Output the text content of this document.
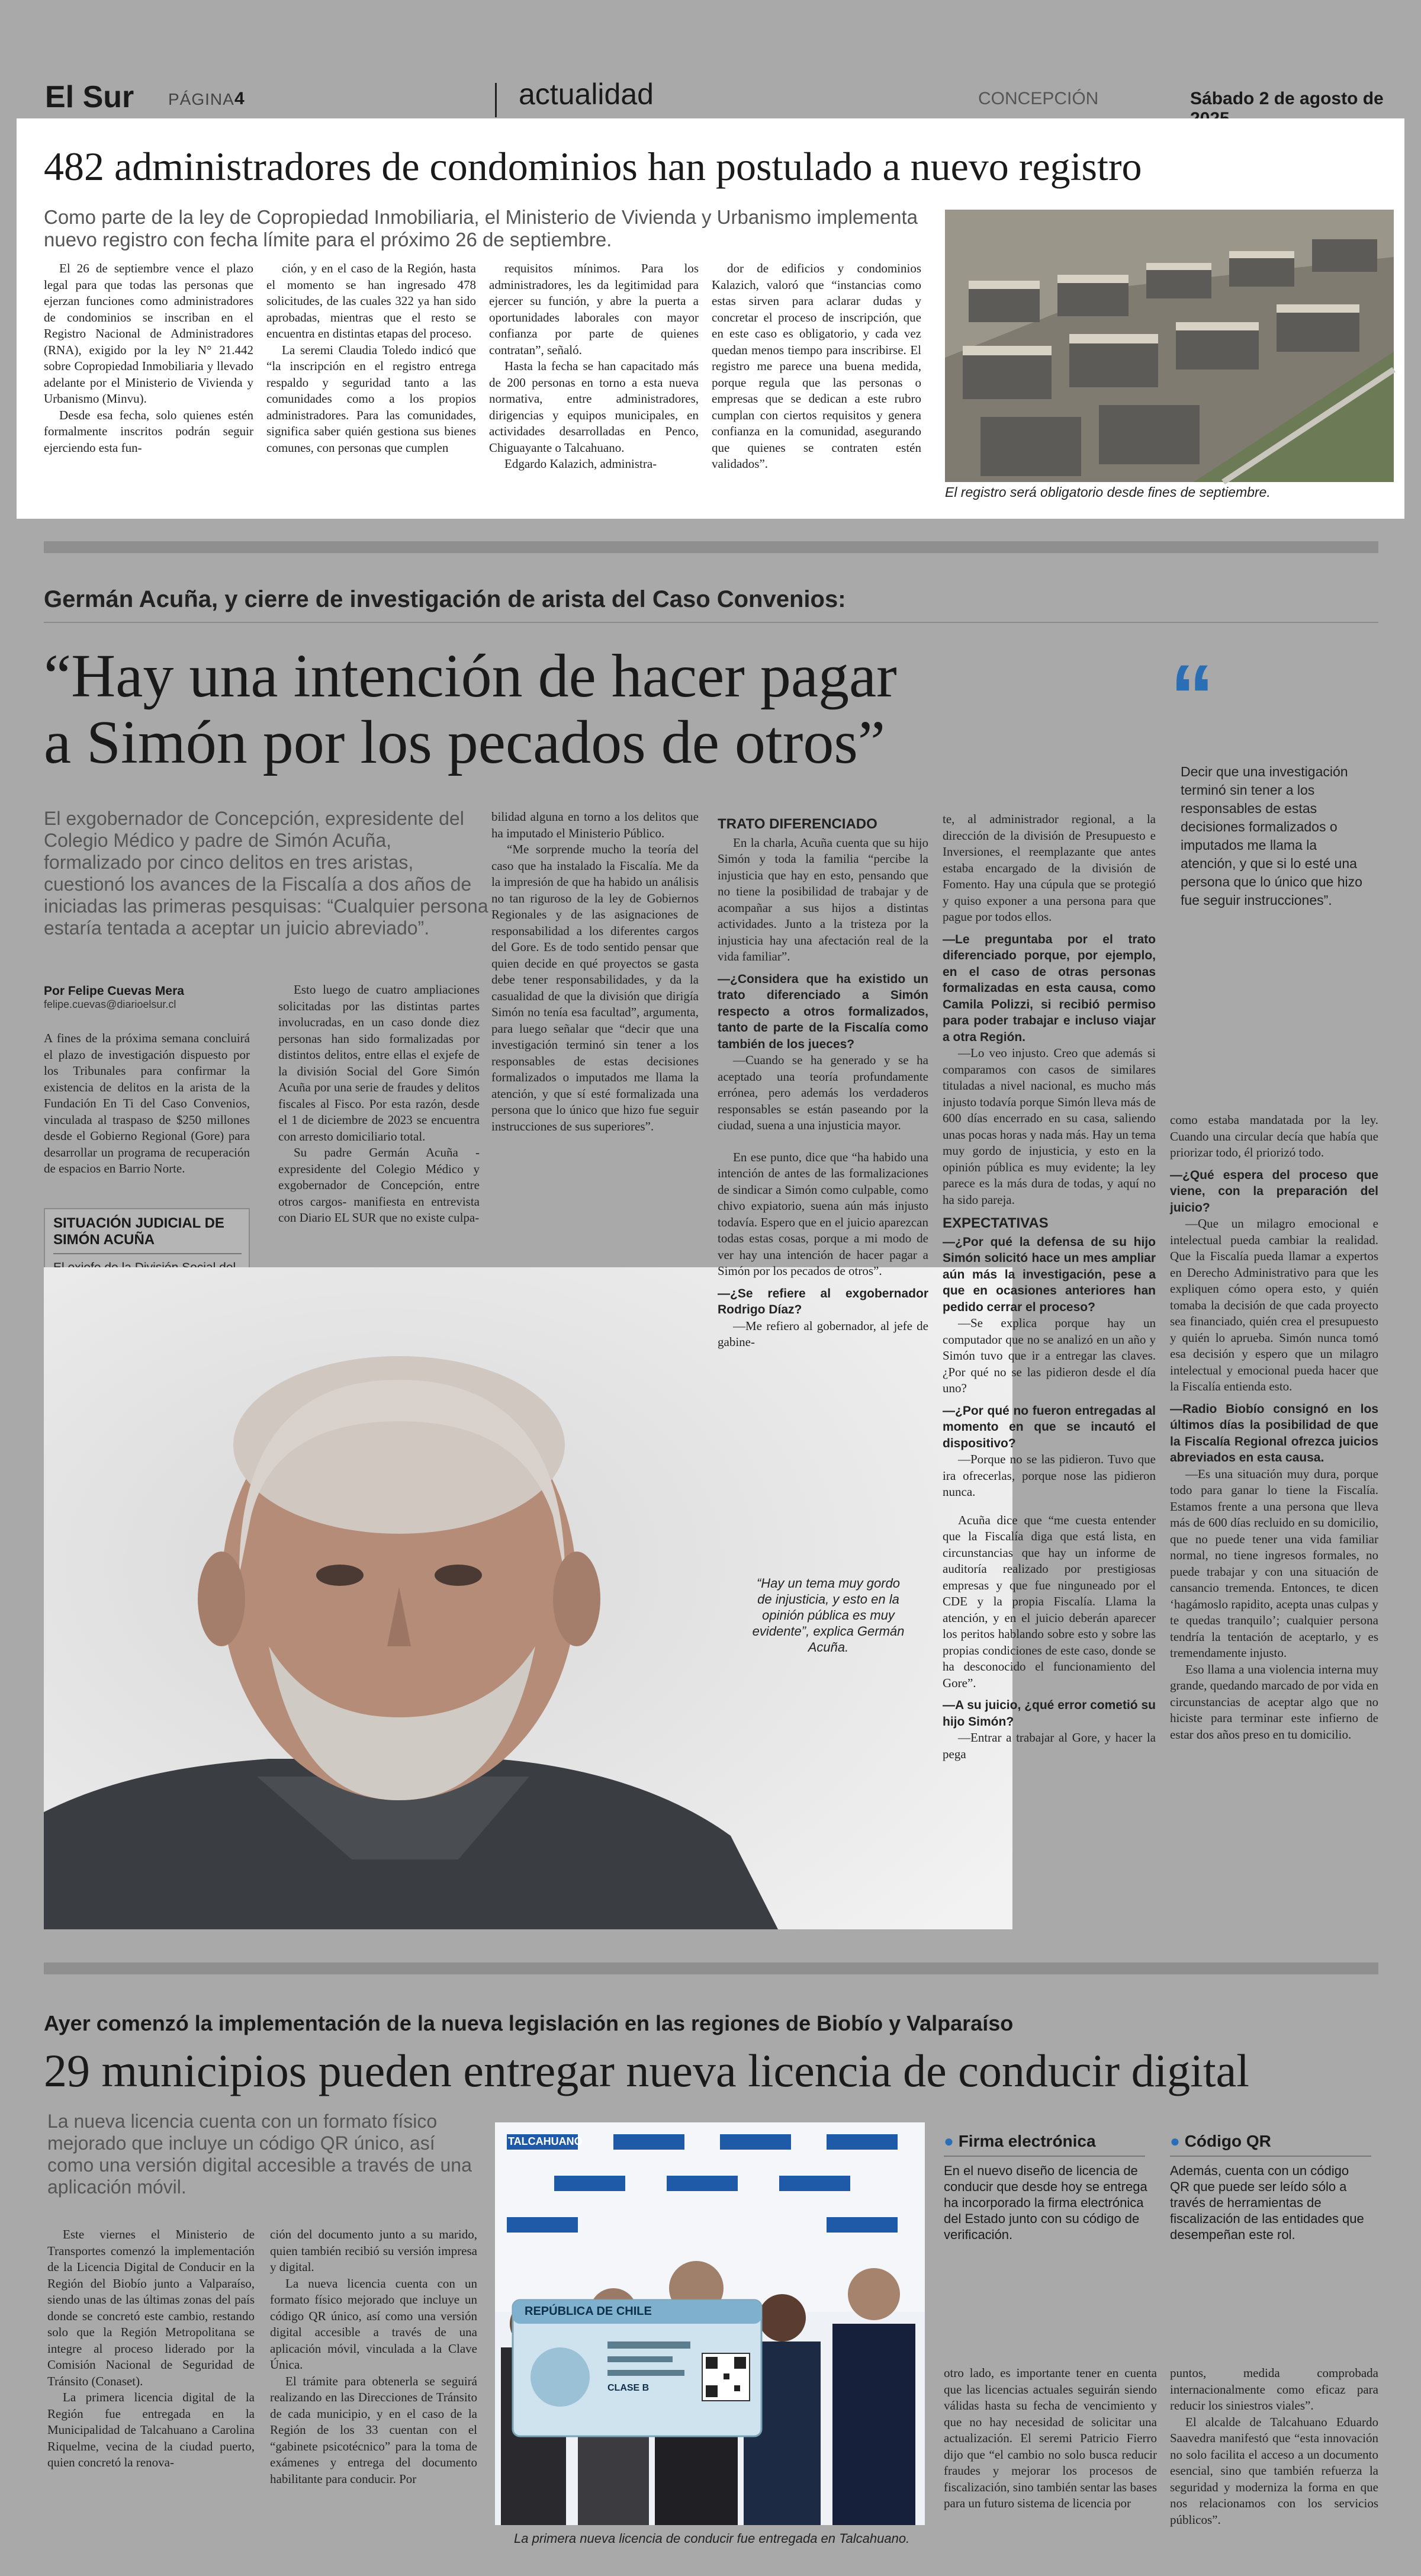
El Sur PÁGINA 4	actualidad	CONCEPCIÓN	Sábado 2 de agosto de
482 administradores de condominios han postulado a nuevo registro
Como parte de la ley de Copropiedad Inmobiliaria, el Ministerio de Vivienda y Urbanismo implementa nuevo registro con fecha límite para el próximo 26 de septiembre.

El 26 de septiembre vence el plazo legal para que todas las personas que ejerzan funciones como administradores de condominios se inscriban en el Registro Nacional de Administradores (RNA), exigido por la ley N° 21.442 sobre Copropiedad Inmobiliaria y llevado adelante por el Ministerio de Vivienda y Urbanismo (Minvu).

Desde esa fecha, solo quienes estén formalmente inscritos podrán seguir ejerciendo esta fun-

ción, y en el caso de la Región, hasta el momento se han ingresado 478 solicitudes, de las cuales 322 ya han sido aprobadas, mientras que el resto se encuentra en distintas etapas del proceso.

La seremi Claudia Toledo indicó que “la inscripción en el registro entrega respaldo y seguridad tanto a las comunidades como a los propios administradores. Para las comunidades, significa saber quién gestiona sus bienes comunes, con personas que cumplen

requisitos mínimos. Para los administradores, les da legitimidad para ejercer su función, y abre la puerta a oportunidades laborales con mayor confianza por parte de quienes contratan”, señaló.

Hasta la fecha se han capacitado más de 200 personas en torno a esta nueva normativa, entre administradores, dirigencias y equipos municipales, en actividades desarrolladas en Penco, Chiguayante o Talcahuano.

Edgardo Kalazich, administra-

dor de edificios y condominios Kalazich, valoró que “instancias como estas sirven para aclarar dudas y concretar el proceso de inscripción, que en este caso es obligatorio, y cada vez quedan menos tiempo para inscribirse. El registro me parece una buena medida, porque regula que las personas o empresas que se dedican a este rubro cumplan con ciertos requisitos y genera confianza en la comunidad, asegurando que quienes se contraten estén validados”.

El registro será obligatorio desde fines de septiembre.
Germán Acuña, y cierre de investigación de arista del Caso Convenios:
“Hay una intención de hacer pagar
a Simón por los pecados de otros”	“
Decir que una investigación terminó sin tener a los responsables de estas decisiones formalizados o imputados me llama la atención, y que si lo esté una persona que lo único que hizo fue seguir instrucciones”.
El exgobernador de Concepción, expresidente del Colegio Médico y padre de Simón Acuña, formalizado por cinco delitos en tres aristas, cuestionó los avances de la Fiscalía a dos años de iniciadas las primeras pesquisas: “Cualquier persona estaría tentada a aceptar un juicio abreviado”.
Por Felipe Cuevas Mera
felipe.cuevas@diarioelsur.cl

A fines de la próxima semana concluirá el plazo de investigación dispuesto por los Tribunales para confirmar la existencia de delitos en la arista de la Fundación En Ti del Caso Convenios, vinculada al traspaso de $250 millones desde el Gobierno Regional (Gore) para desarrollar un programa de recuperación de espacios en Barrio Norte.

SITUACIÓN JUDICIAL DE SIMÓN ACUÑA

Esto luego de cuatro ampliaciones solicitadas por las distintas partes involucradas, en un caso donde diez personas han sido formalizadas por distintos delitos, entre ellas el exjefe de la división Social del Gore Simón Acuña por una serie de fraudes y delitos fiscales al Fisco. Por esta razón, desde el 1 de diciembre de 2023 se encuentra con arresto domiciliario total.

Su padre Germán Acuña -expresidente del Colegio Médico y exgobernador de Concepción, entre otros cargos- manifiesta en entrevista con Diario EL SUR que no existe culpa-

bilidad alguna en torno a los delitos que ha imputado el Ministerio Público.

“Me sorprende mucho la teoría del caso que ha instalado la Fiscalía. Me da la impresión de que ha habido un análisis no tan riguroso de la ley de Gobiernos Regionales y de las asignaciones de responsabilidad a los diferentes cargos del Gore. Es de todo sentido pensar que quien decide en qué proyectos se gasta debe tener responsabilidades, y da la casualidad de que la división que dirigía Simón no tenía esa facultad”, argumenta, para luego señalar que “decir que una investigación terminó sin tener a los responsables de estas decisiones formalizados o imputados me llama la atención, y que sí esté formalizada una persona que lo único que hizo fue seguir instrucciones de sus superiores”.

“Hay un tema muy gordo de injusticia, y esto en la opinión pública es muy evidente”, explica Germán Acuña.
TRATO DIFERENCIADO

En la charla, Acuña cuenta que su hijo Simón y toda la familia “percibe la injusticia que hay en esto, pensando que no tiene la posibilidad de trabajar y de acompañar a sus hijos a distintas actividades. Junto a la tristeza por la injusticia hay una afectación real de la vida familiar”.

—¿Considera que ha existido un trato diferenciado a Simón respecto a otros formalizados, tanto de parte de la Fiscalía como también de los jueces?

—Cuando se ha generado y se ha aceptado una teoría profundamente errónea, pero además los verdaderos responsables se están paseando por la ciudad, suena a una injusticia mayor.

En ese punto, dice que “ha habido una intención de antes de las formalizaciones de sindicar a Simón como culpable, como chivo expiatorio, suena aún más injusto todavía. Espero que en el juicio aparezcan todas estas cosas, porque a mi modo de ver hay una intención de hacer pagar a Simón por los pecados de otros”.

—¿Se refiere al exgobernador Rodrigo Díaz?

—Me refiero al gobernador, al jefe de gabine-

te, al administrador regional, a la dirección de la división de Presupuesto e Inversiones, el reemplazante que antes estaba encargado de la división de Fomento. Hay una cúpula que se protegió y quiso exponer a una persona para que pague por todos ellos.

—Le preguntaba por el trato diferenciado porque, por ejemplo, en el caso de otras personas formalizadas en esta causa, como Camila Polizzi, si recibió permiso para poder trabajar e incluso viajar a otra Región.

—Lo veo injusto. Creo que además si comparamos con casos de similares tituladas a nivel nacional, es mucho más injusto todavía porque Simón lleva más de 600 días encerrado en su casa, saliendo unas pocas horas y nada más. Hay un tema muy gordo de injusticia, y esto en la opinión pública es muy evidente; la ley parece es la más dura de todas, y aquí no ha sido pareja.

EXPECTATIVAS

—¿Por qué la defensa de su hijo Simón solicitó hace un mes ampliar aún más la investigación, pese a que en ocasiones anteriores han pedido cerrar el proceso?

—Se explica porque hay un computador que no se analizó en un año y Simón tuvo que ir a entregar las claves. ¿Por qué no se las pidieron desde el día uno?

—¿Por qué no fueron entregadas al momento en que se incautó el dispositivo?

—Porque no se las pidieron. Tuvo que ira ofrecerlas, porque nose las pidieron nunca.

Acuña dice que “me cuesta entender que la Fiscalía diga que está lista, en circunstancias que hay un informe de auditoría realizado por prestigiosas empresas y que fue ninguneado por el CDE y la propia Fiscalía. Llama la atención, y en el juicio deberán aparecer los peritos hablando sobre esto y sobre las propias condiciones de este caso, donde se ha desconocido el funcionamiento del Gore”.

—A su juicio, ¿qué error cometió su hijo Simón?

—Entrar a trabajar al Gore, y hacer la pega

como estaba mandatada por la ley. Cuando una circular decía que había que priorizar todo, él priorizó todo.

—¿Qué espera del proceso que viene, con la preparación del juicio?

—Que un milagro emocional e intelectual pueda cambiar la realidad. Que la Fiscalía pueda llamar a expertos en Derecho Administrativo para que les expliquen cómo opera esto, y quién tomaba la decisión de que cada proyecto sea financiado, quién crea el presupuesto y quién lo aprueba. Simón nunca tomó esa decisión y espero que un milagro intelectual y emocional pueda hacer que la Fiscalía entienda esto.

—Radio Biobío consignó en los últimos días la posibilidad de que la Fiscalía Regional ofrezca juicios abreviados en esta causa.

—Es una situación muy dura, porque todo para ganar lo tiene la Fiscalía. Estamos frente a una persona que lleva más de 600 días recluido en su domicilio, que no puede tener una vida familiar normal, no tiene ingresos formales, no puede trabajar y con una situación de cansancio tremenda. Entonces, te dicen ‘hagámoslo rapidito, acepta unas culpas y te quedas tranquilo’; cualquier persona tendría la tentación de aceptarlo, y es tremendamente injusto.

Eso llama a una violencia interna muy grande, quedando marcado de por vida en circunstancias de aceptar algo que no hiciste para terminar este infierno de estar dos años preso en tu domicilio.

Ayer comenzó la implementación de la nueva legislación en las regiones de Biobío y Valparaíso
29 municipios pueden entregar nueva licencia de conducir digital
La nueva licencia cuenta con un formato físico mejorado que incluye un código QR único, así como una versión digital accesible a través de una aplicación móvil.

Este viernes el Ministerio de Transportes comenzó la implementación de la Licencia Digital de Conducir en la Región del Biobío junto a Valparaíso, siendo unas de las últimas zonas del país donde se concretó este cambio, restando solo que la Región Metropolitana se integre al proceso liderado por la Comisión Nacional de Seguridad de Tránsito (Conaset).

La primera licencia digital de la Región fue entregada en la Municipalidad de Talcahuano a Carolina Riquelme, vecina de la ciudad puerto, quien concretó la renova-

ción del documento junto a su marido, quien también recibió su versión impresa y digital.

La nueva licencia cuenta con un formato físico mejorado que incluye un código QR único, así como una versión digital accesible a través de una aplicación móvil, vinculada a la Clave Única.

El trámite para obtenerla se seguirá realizando en las Direcciones de Tránsito de cada municipio, y en el caso de la Región de los 33 cuentan con el “gabinete psicotécnico” para la toma de exámenes y entrega del documento habilitante para conducir. Por

TALCAHUANO
REPÚBLICA DE CHILE
CLASE B
La primera nueva licencia de conducir fue entregada en Talcahuano.
● Firma electrónica
En el nuevo diseño de licencia de conducir que desde hoy se entrega ha incorporado la firma electrónica del Estado junto con su código de verificación.
● Código QR
Además, cuenta con un código QR que puede ser leído sólo a través de herramientas de fiscalización de las entidades que desempeñan este rol.

otro lado, es importante tener en cuenta que las licencias actuales seguirán siendo válidas hasta su fecha de vencimiento y que no hay necesidad de solicitar una actualización. El seremi Patricio Fierro dijo que “el cambio no solo busca reducir fraudes y mejorar los procesos de fiscalización, sino también sentar las bases para un futuro sistema de licencia por

puntos, medida comprobada internacionalmente como eficaz para reducir los siniestros viales”.

El alcalde de Talcahuano Eduardo Saavedra manifestó que “esta innovación no solo facilita el acceso a un documento esencial, sino que también refuerza la seguridad y moderniza la forma en que nos relacionamos con los servicios públicos”.
